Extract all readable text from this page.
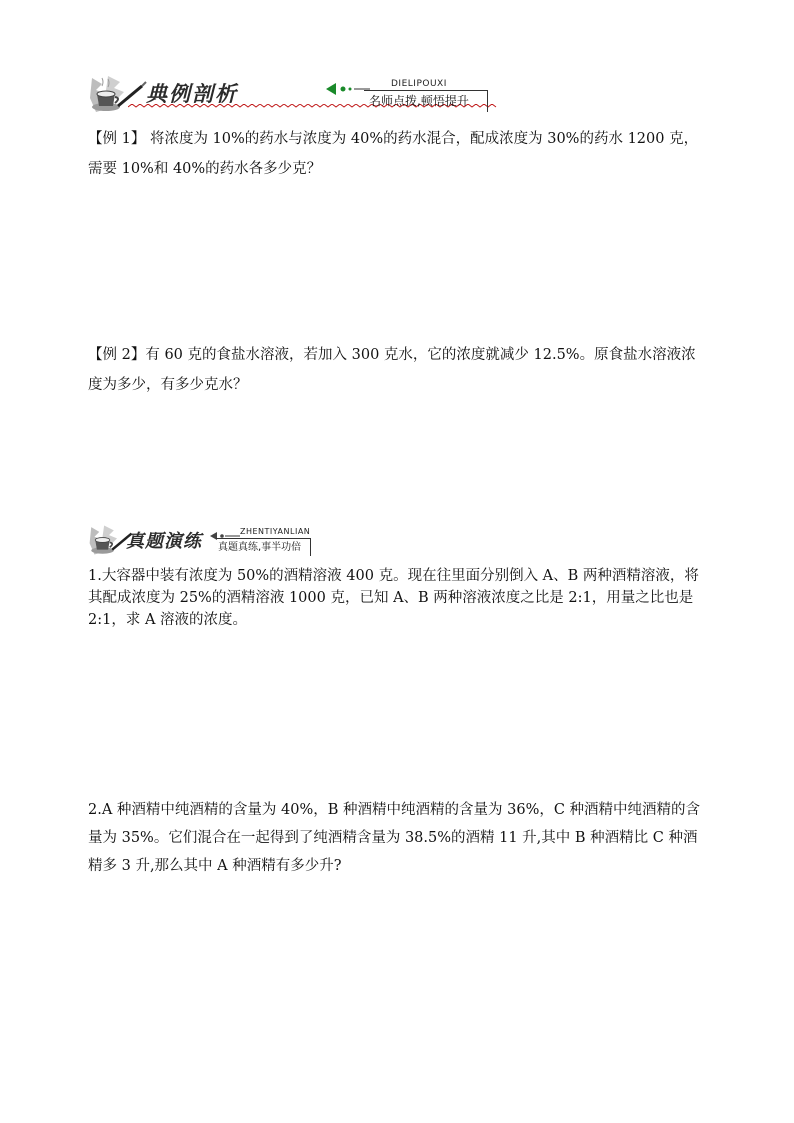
典例剖析	DIELIPOUXI
名师点拨,顿悟提升

【例 1】 将浓度为 10%的药水与浓度为 40%的药水混合，配成浓度为 30%的药水 1200 克，需要 10%和 40%的药水各多少克？

【例 2】有 60 克的食盐水溶液，若加入 300 克水，它的浓度就减少 12.5%。原食盐水溶液浓度为多少，有多少克水？

真题演练	ZHENTIYANLIAN
真题真练,事半功倍

1.大容器中装有浓度为 50%的酒精溶液 400 克。现在往里面分别倒入 A、B 两种酒精溶液，将其配成浓度为 25%的酒精溶液 1000 克，已知 A、B 两种溶液浓度之比是 2:1，用量之比也是 2:1，求 A 溶液的浓度。

2.A 种酒精中纯酒精的含量为 40%，B 种酒精中纯酒精的含量为 36%，C 种酒精中纯酒精的含量为 35%。它们混合在一起得到了纯酒精含量为 38.5%的酒精 11 升,其中 B 种酒精比 C 种酒精多 3 升,那么其中 A 种酒精有多少升?
